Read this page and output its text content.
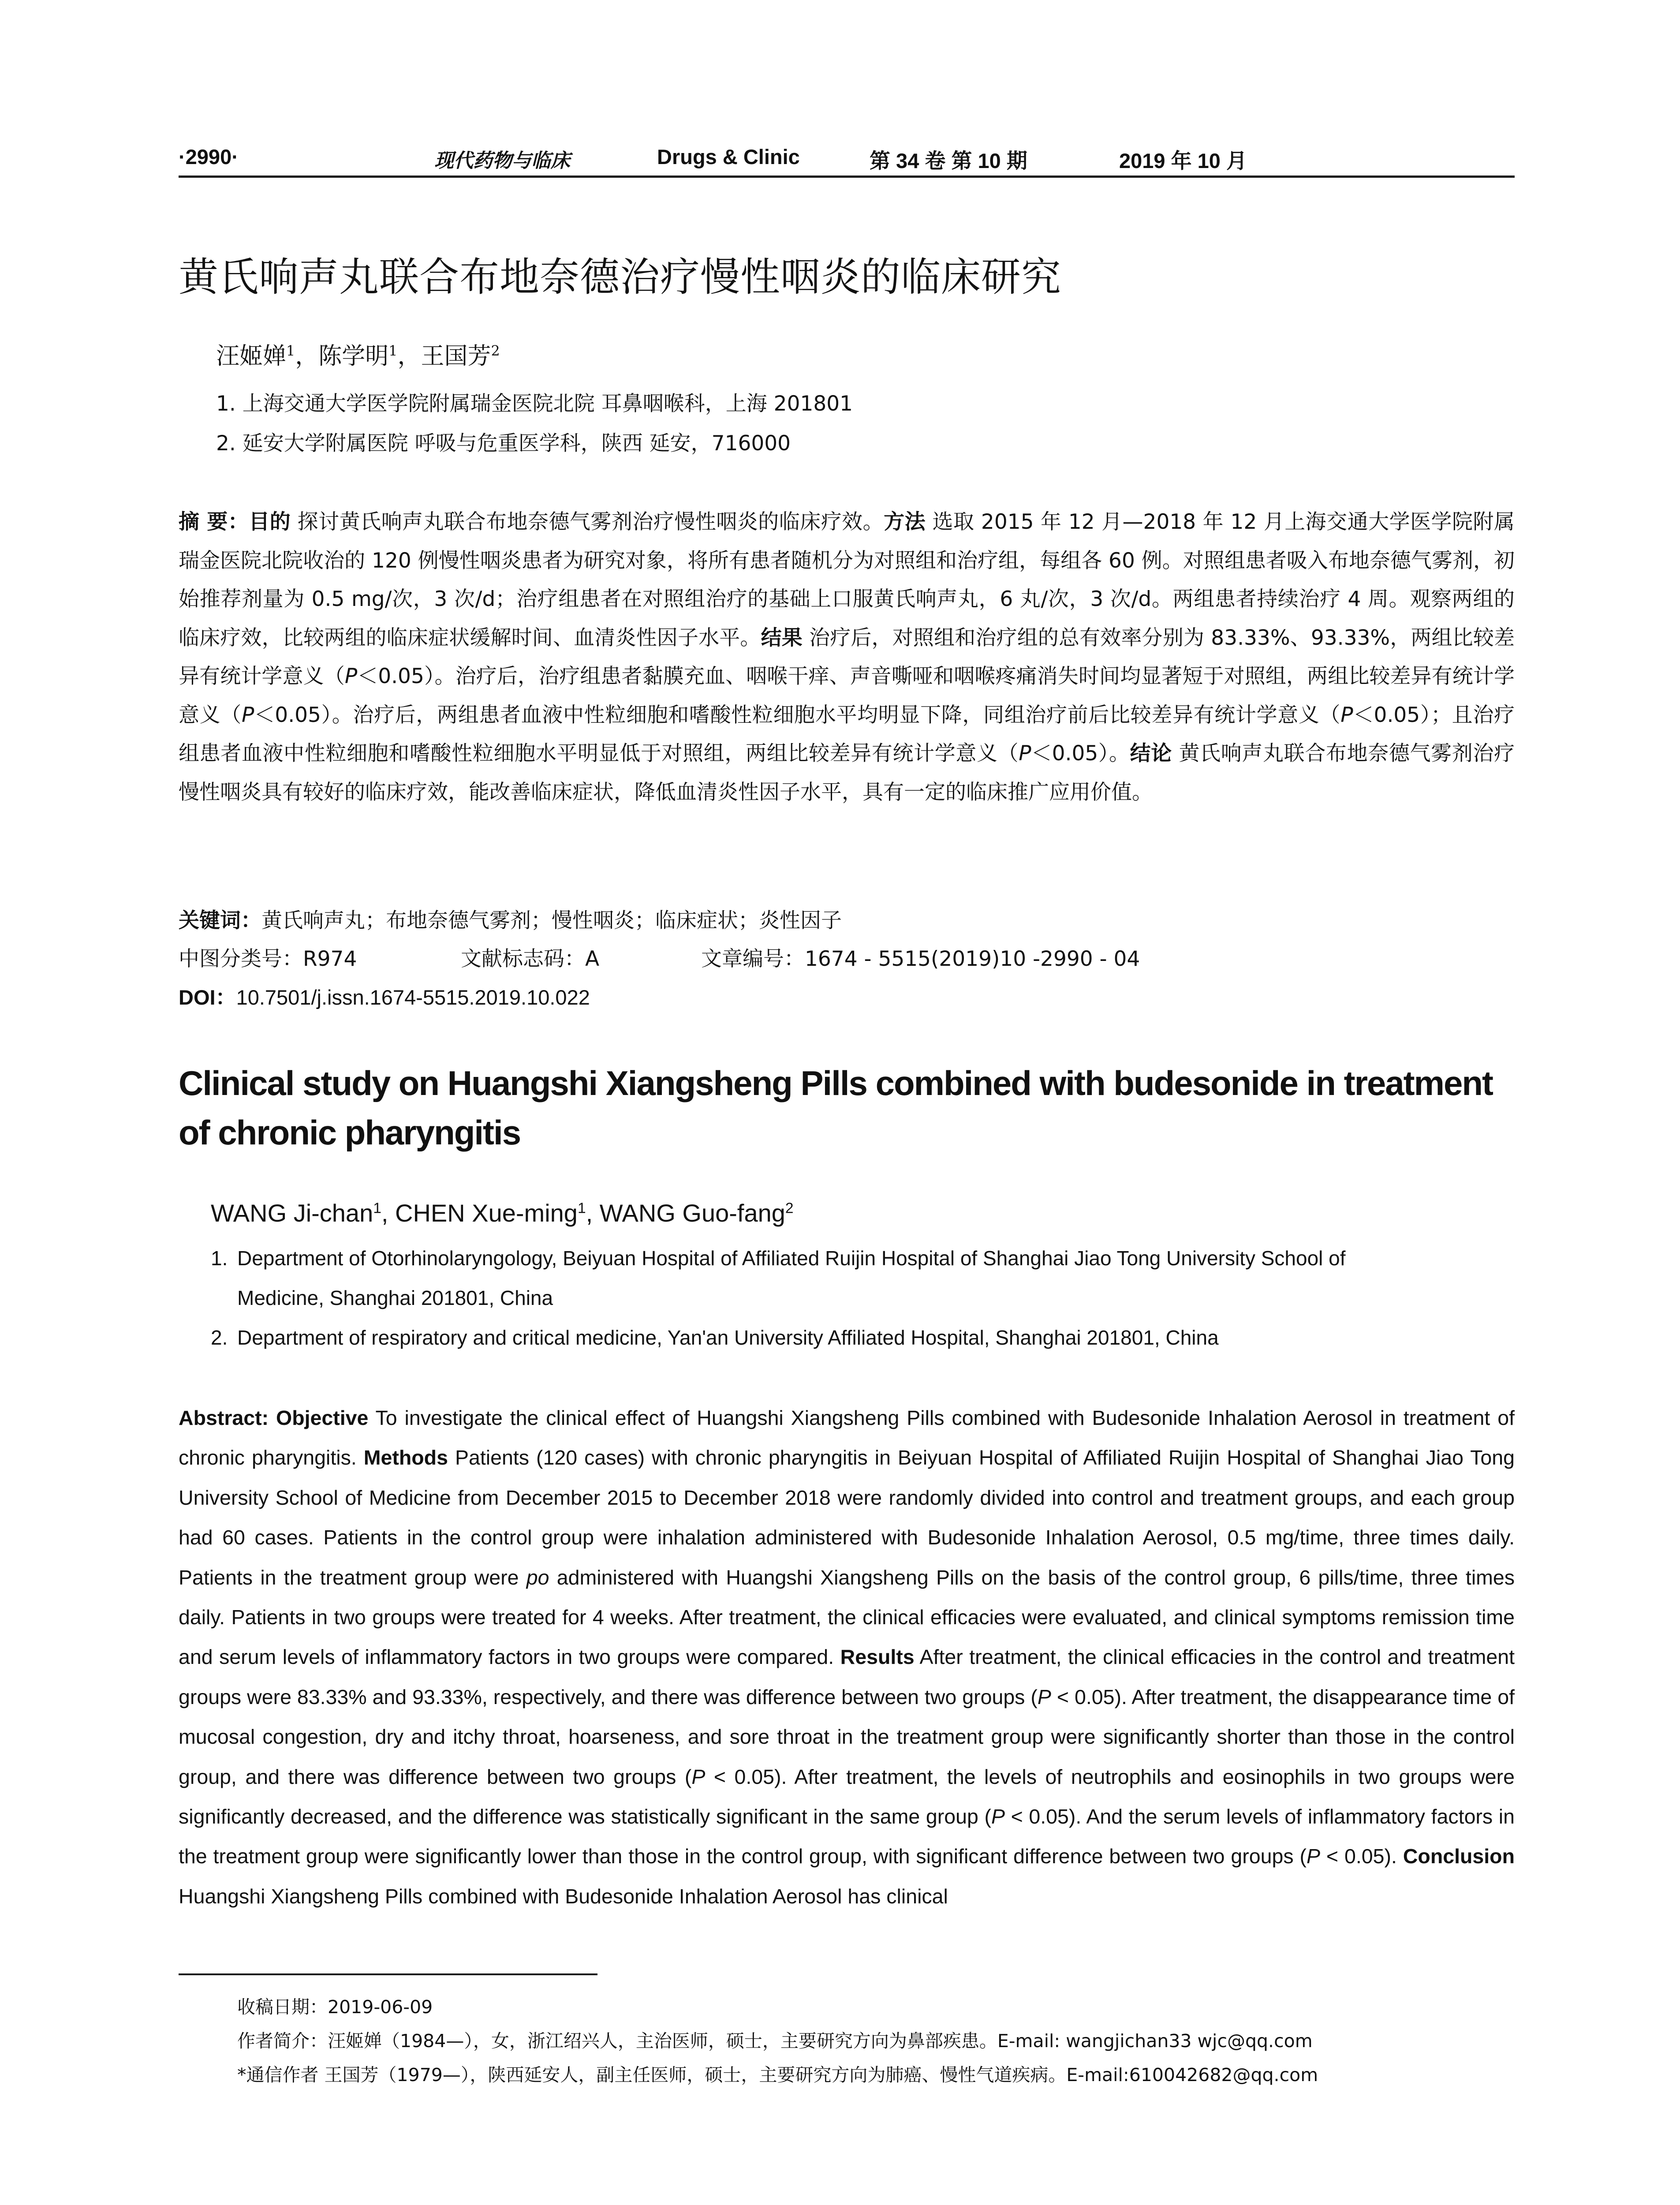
·2990·	现代药物与临床	Drugs & Clinic	第 34 卷 第 10 期	2019 年 10 月
黄氏响声丸联合布地奈德治疗慢性咽炎的临床研究
汪姬婵$^1$，陈学明$^1$，王国芳$^2$
1. 上海交通大学医学院附属瑞金医院北院 耳鼻咽喉科，上海 201801
2. 延安大学附属医院 呼吸与危重医学科，陕西 延安，716000
摘 要：目的 探讨黄氏响声丸联合布地奈德气雾剂治疗慢性咽炎的临床疗效。方法 选取 2015 年 12 月—2018 年 12 月上海交通大学医学院附属瑞金医院北院收治的 120 例慢性咽炎患者为研究对象，将所有患者随机分为对照组和治疗组，每组各 60 例。对照组患者吸入布地奈德气雾剂，初始推荐剂量为 0.5 mg/次，3 次/d；治疗组患者在对照组治疗的基础上口服黄氏响声丸，6 丸/次，3 次/d。两组患者持续治疗 4 周。观察两组的临床疗效，比较两组的临床症状缓解时间、血清炎性因子水平。结果 治疗后，对照组和治疗组的总有效率分别为 83.33%、93.33%，两组比较差异有统计学意义（P＜0.05）。治疗后，治疗组患者黏膜充血、咽喉干痒、声音嘶哑和咽喉疼痛消失时间均显著短于对照组，两组比较差异有统计学意义（P＜0.05）。治疗后，两组患者血液中性粒细胞和嗜酸性粒细胞水平均明显下降，同组治疗前后比较差异有统计学意义（P＜0.05）；且治疗组患者血液中性粒细胞和嗜酸性粒细胞水平明显低于对照组，两组比较差异有统计学意义（P＜0.05）。结论 黄氏响声丸联合布地奈德气雾剂治疗慢性咽炎具有较好的临床疗效，能改善临床症状，降低血清炎性因子水平，具有一定的临床推广应用价值。
关键词：黄氏响声丸；布地奈德气雾剂；慢性咽炎；临床症状；炎性因子
中图分类号：R974	文献标志码：A	文章编号：1674 - 5515(2019)10 -2990 - 04
DOI：10.7501/j.issn.1674-5515.2019.10.022
Clinical study on Huangshi Xiangsheng Pills combined with budesonide in treatment of chronic pharyngitis
WANG Ji-chan$^1$, CHEN Xue-ming$^1$, WANG Guo-fang$^2$
1. Department of Otorhinolaryngology, Beiyuan Hospital of Affiliated Ruijin Hospital of Shanghai Jiao Tong University School of
Medicine, Shanghai 201801, China
2. Department of respiratory and critical medicine, Yan'an University Affiliated Hospital, Shanghai 201801, China
Abstract: Objective To investigate the clinical effect of Huangshi Xiangsheng Pills combined with Budesonide Inhalation Aerosol in treatment of chronic pharyngitis. Methods Patients (120 cases) with chronic pharyngitis in Beiyuan Hospital of Affiliated Ruijin Hospital of Shanghai Jiao Tong University School of Medicine from December 2015 to December 2018 were randomly divided into control and treatment groups, and each group had 60 cases. Patients in the control group were inhalation administered with Budesonide Inhalation Aerosol, 0.5 mg/time, three times daily. Patients in the treatment group were po administered with Huangshi Xiangsheng Pills on the basis of the control group, 6 pills/time, three times daily. Patients in two groups were treated for 4 weeks. After treatment, the clinical efficacies were evaluated, and clinical symptoms remission time and serum levels of inflammatory factors in two groups were compared. Results After treatment, the clinical efficacies in the control and treatment groups were 83.33% and 93.33%, respectively, and there was difference between two groups (P < 0.05). After treatment, the disappearance time of mucosal congestion, dry and itchy throat, hoarseness, and sore throat in the treatment group were significantly shorter than those in the control group, and there was difference between two groups (P < 0.05). After treatment, the levels of neutrophils and eosinophils in two groups were significantly decreased, and the difference was statistically significant in the same group (P < 0.05). And the serum levels of inflammatory factors in the treatment group were significantly lower than those in the control group, with significant difference between two groups (P < 0.05). Conclusion Huangshi Xiangsheng Pills combined with Budesonide Inhalation Aerosol has clinical
收稿日期：2019-06-09
作者简介：汪姬婵（1984—），女，浙江绍兴人，主治医师，硕士，主要研究方向为鼻部疾患。E-mail: wangjichan33 wjc@qq.com
*通信作者 王国芳（1979—），陕西延安人，副主任医师，硕士，主要研究方向为肺癌、慢性气道疾病。E-mail:610042682@qq.com
